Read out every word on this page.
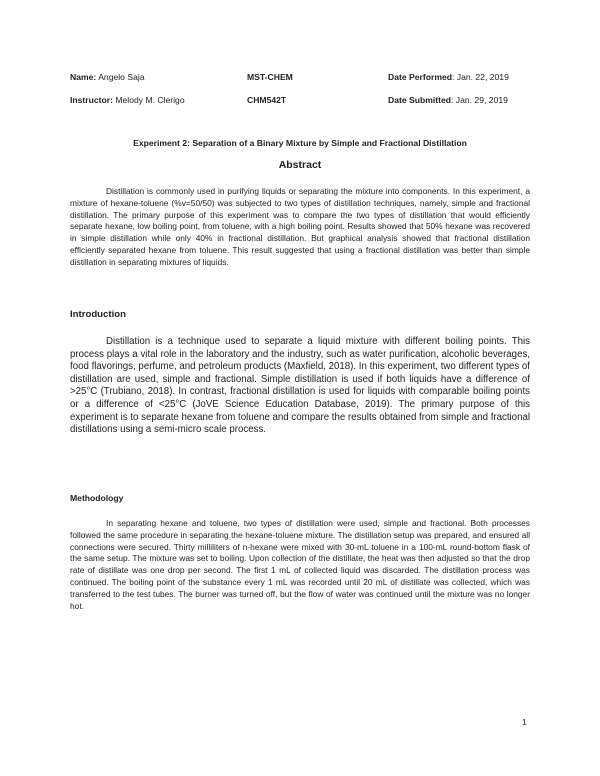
Name: Angelo Saja	MST-CHEM	Date Performed: Jan. 22, 2019
Instructor: Melody M. Clerigo	CHM542T	Date Submitted: Jan. 29, 2019
Experiment 2: Separation of a Binary Mixture by Simple and Fractional Distillation
Abstract

Distillation is commonly used in purifying liquids or separating the mixture into components. In this experiment, a mixture of hexane-toluene (%v=50/50) was subjected to two types of distillation techniques, namely, simple and fractional distillation. The primary purpose of this experiment was to compare the two types of distillation that would efficiently separate hexane, low boiling point, from toluene, with a high boiling point. Results showed that 50% hexane was recovered in simple distillation while only 40% in fractional distillation. But graphical analysis showed that fractional distillation efficiently separated hexane from toluene. This result suggested that using a fractional distillation was better than simple distillation in separating mixtures of liquids.

Introduction

Distillation is a technique used to separate a liquid mixture with different boiling points. This process plays a vital role in the laboratory and the industry, such as water purification, alcoholic beverages, food flavorings, perfume, and petroleum products (Maxfield, 2018). In this experiment, two different types of distillation are used, simple and fractional. Simple distillation is used if both liquids have a difference of >25°C (Trubiano, 2018). In contrast, fractional distillation is used for liquids with comparable boiling points or a difference of <25°C (JoVE Science Education Database, 2019). The primary purpose of this experiment is to separate hexane from toluene and compare the results obtained from simple and fractional distillations using a semi-micro scale process.

Methodology

In separating hexane and toluene, two types of distillation were used, simple and fractional. Both processes followed the same procedure in separating the hexane-toluene mixture. The distillation setup was prepared, and ensured all connections were secured. Thirty milliliters of n-hexane were mixed with 30-mL toluene in a 100-mL round-bottom flask of the same setup. The mixture was set to boiling. Upon collection of the distillate, the heat was then adjusted so that the drop rate of distillate was one drop per second. The first 1 mL of collected liquid was discarded. The distillation process was continued. The boiling point of the substance every 1 mL was recorded until 20 mL of distillate was collected, which was transferred to the test tubes. The burner was turned off, but the flow of water was continued until the mixture was no longer hot.

1
